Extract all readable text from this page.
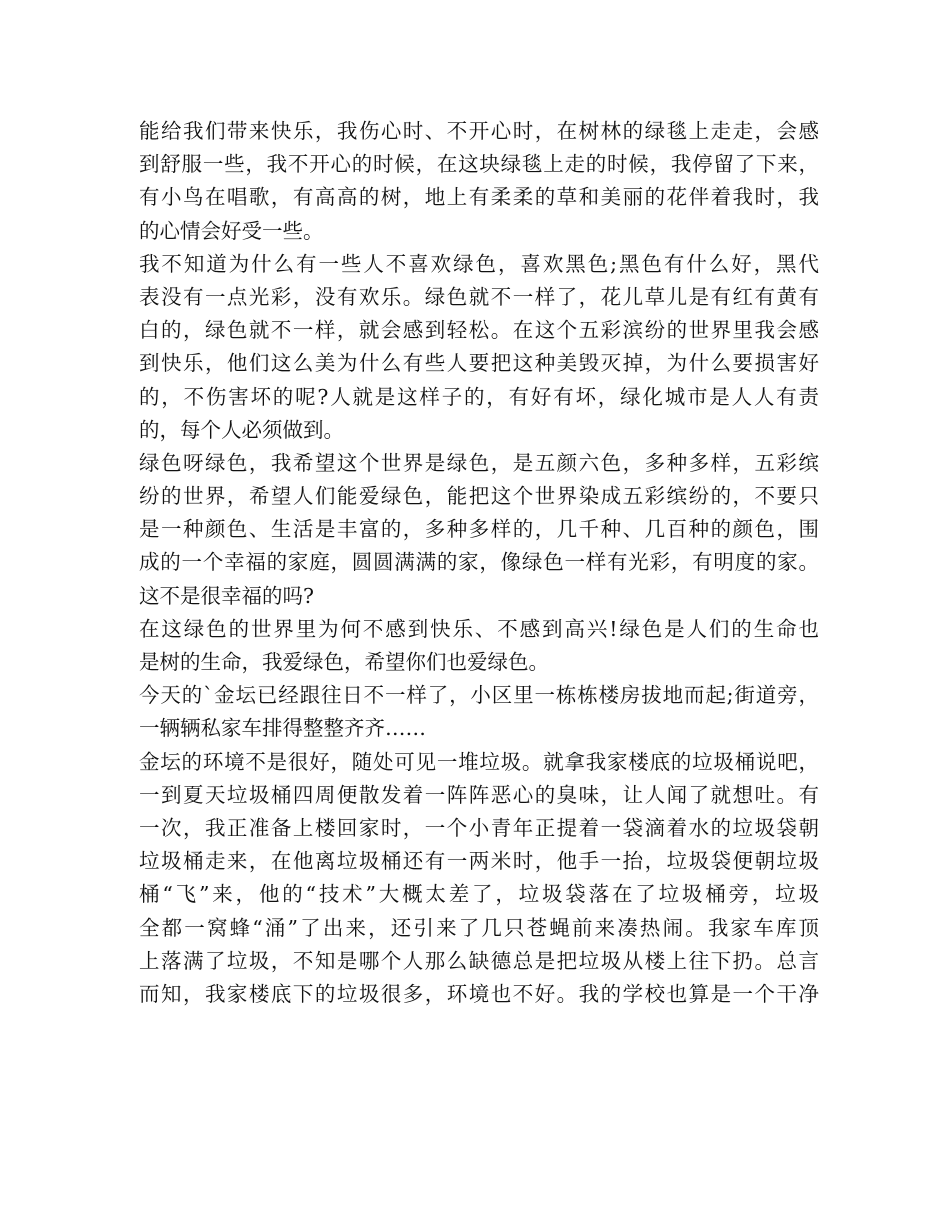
能给我们带来快乐，我伤心时、不开心时，在树林的绿毯上走走，会感
到舒服一些，我不开心的时候，在这块绿毯上走的时候，我停留了下来，
有小鸟在唱歌，有高高的树，地上有柔柔的草和美丽的花伴着我时，我
的心情会好受一些。
我不知道为什么有一些人不喜欢绿色，喜欢黑色;黑色有什么好，黑代
表没有一点光彩，没有欢乐。绿色就不一样了，花儿草儿是有红有黄有
白的，绿色就不一样，就会感到轻松。在这个五彩滨纷的世界里我会感
到快乐，他们这么美为什么有些人要把这种美毁灭掉，为什么要损害好
的，不伤害坏的呢?人就是这样子的，有好有坏，绿化城市是人人有责
的，每个人必须做到。
绿色呀绿色，我希望这个世界是绿色，是五颜六色，多种多样，五彩缤
纷的世界，希望人们能爱绿色，能把这个世界染成五彩缤纷的，不要只
是一种颜色、生活是丰富的，多种多样的，几千种、几百种的颜色，围
成的一个幸福的家庭，圆圆满满的家，像绿色一样有光彩，有明度的家。
这不是很幸福的吗?
在这绿色的世界里为何不感到快乐、不感到高兴!绿色是人们的生命也
是树的生命，我爱绿色，希望你们也爱绿色。
今天的`金坛已经跟往日不一样了，小区里一栋栋楼房拔地而起;街道旁，
一辆辆私家车排得整整齐齐……
金坛的环境不是很好，随处可见一堆垃圾。就拿我家楼底的垃圾桶说吧，
一到夏天垃圾桶四周便散发着一阵阵恶心的臭味，让人闻了就想吐。有
一次，我正准备上楼回家时，一个小青年正提着一袋滴着水的垃圾袋朝
垃圾桶走来，在他离垃圾桶还有一两米时，他手一抬，垃圾袋便朝垃圾
桶“飞”来，他的“技术”大概太差了，垃圾袋落在了垃圾桶旁，垃圾
全都一窝蜂“涌”了出来，还引来了几只苍蝇前来凑热闹。我家车库顶
上落满了垃圾，不知是哪个人那么缺德总是把垃圾从楼上往下扔。总言
而知，我家楼底下的垃圾很多，环境也不好。我的学校也算是一个干净
